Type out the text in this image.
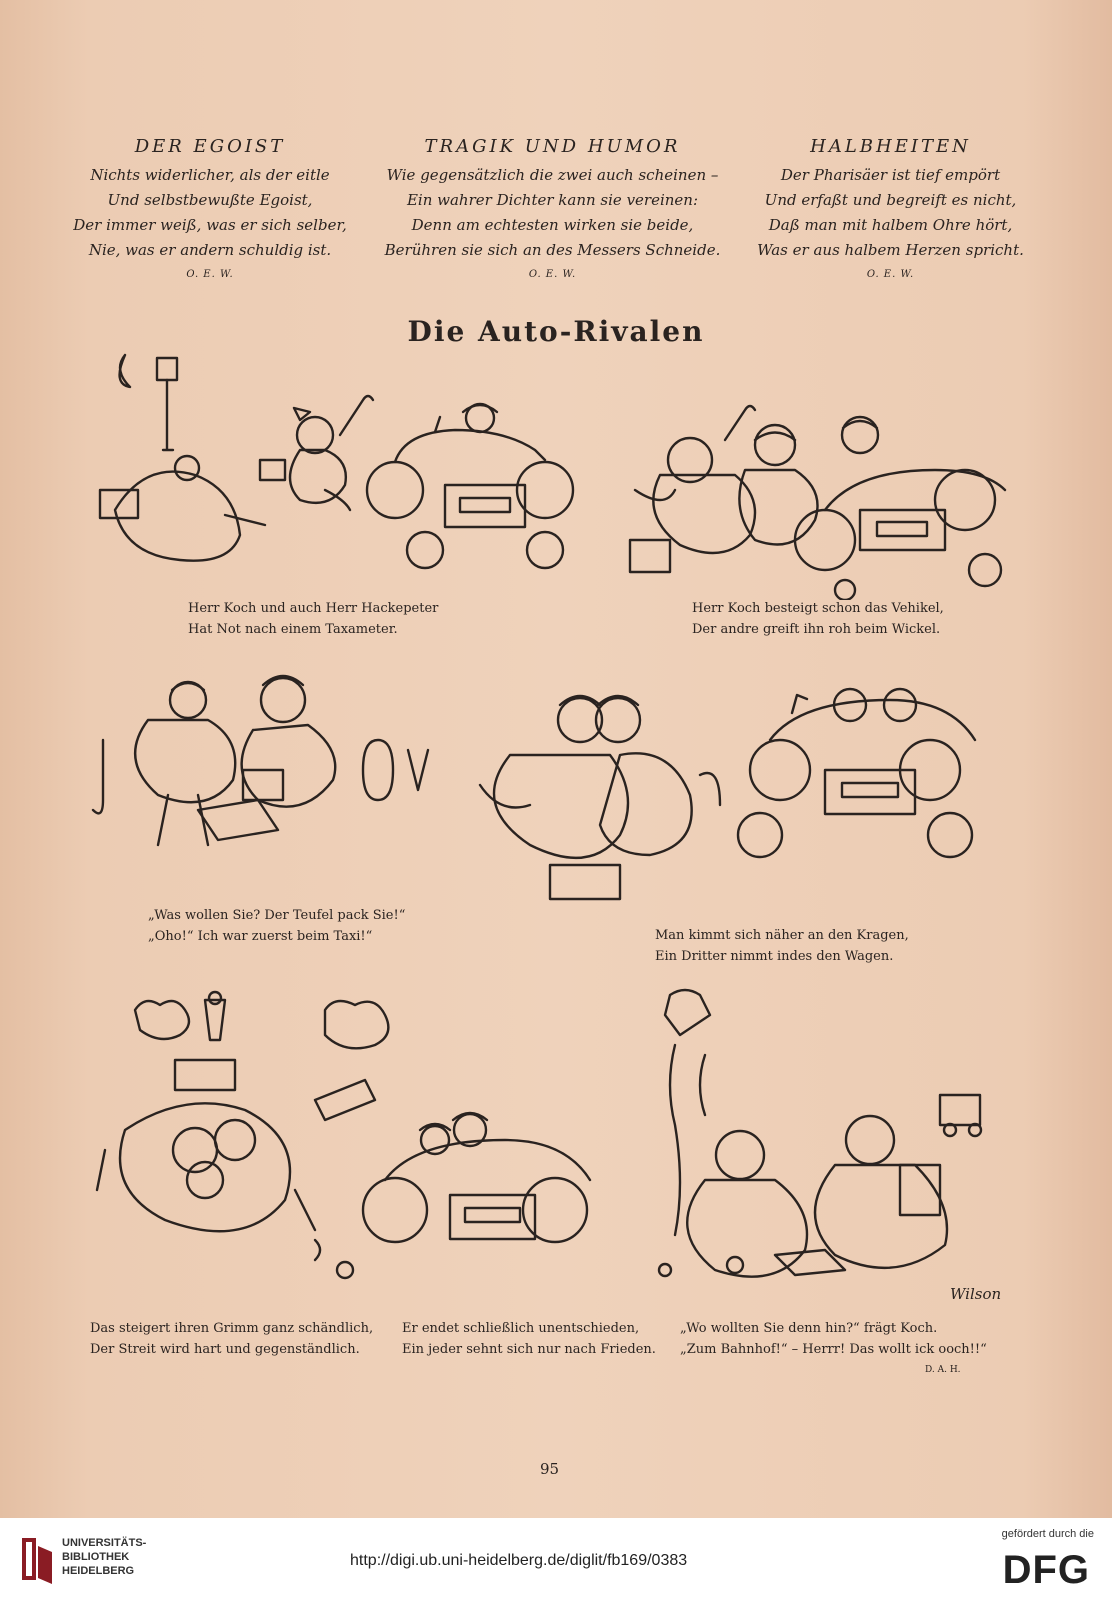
DER EGOIST
Nichts widerlicher, als der eitle
Und selbstbewußte Egoist,
Der immer weiß, was er sich selber,
Nie, was er andern schuldig ist.
O. E. W.
TRAGIK UND HUMOR
Wie gegensätzlich die zwei auch scheinen –
Ein wahrer Dichter kann sie vereinen:
Denn am echtesten wirken sie beide,
Berühren sie sich an des Messers Schneide.
O. E. W.
HALBHEITEN
Der Pharisäer ist tief empört
Und erfaßt und begreift es nicht,
Daß man mit halbem Ohre hört,
Was er aus halbem Herzen spricht.
O. E. W.
Die Auto-Rivalen
Herr Koch und auch Herr Hackepeter
Hat Not nach einem Taxameter.
Herr Koch besteigt schon das Vehikel,
Der andre greift ihn roh beim Wickel.
„Was wollen Sie? Der Teufel pack Sie!“
„Oho!“ Ich war zuerst beim Taxi!“	Man kimmt sich näher an den Kragen,
Ein Dritter nimmt indes den Wagen.
Das steigert ihren Grimm ganz schändlich,
Der Streit wird hart und gegenständlich.
Er endet schließlich unentschieden,
Ein jeder sehnt sich nur nach Frieden.
„Wo wollten Sie denn hin?“ frägt Koch.
„Zum Bahnhof!“ – Herrr! Das wollt ick ooch!!“
D. A. H.
Wilson
95
UNIVERSITÄTS-
BIBLIOTHEK
HEIDELBERG
http://digi.ub.uni-heidelberg.de/diglit/fb169/0383
gefördert durch die
DFG
